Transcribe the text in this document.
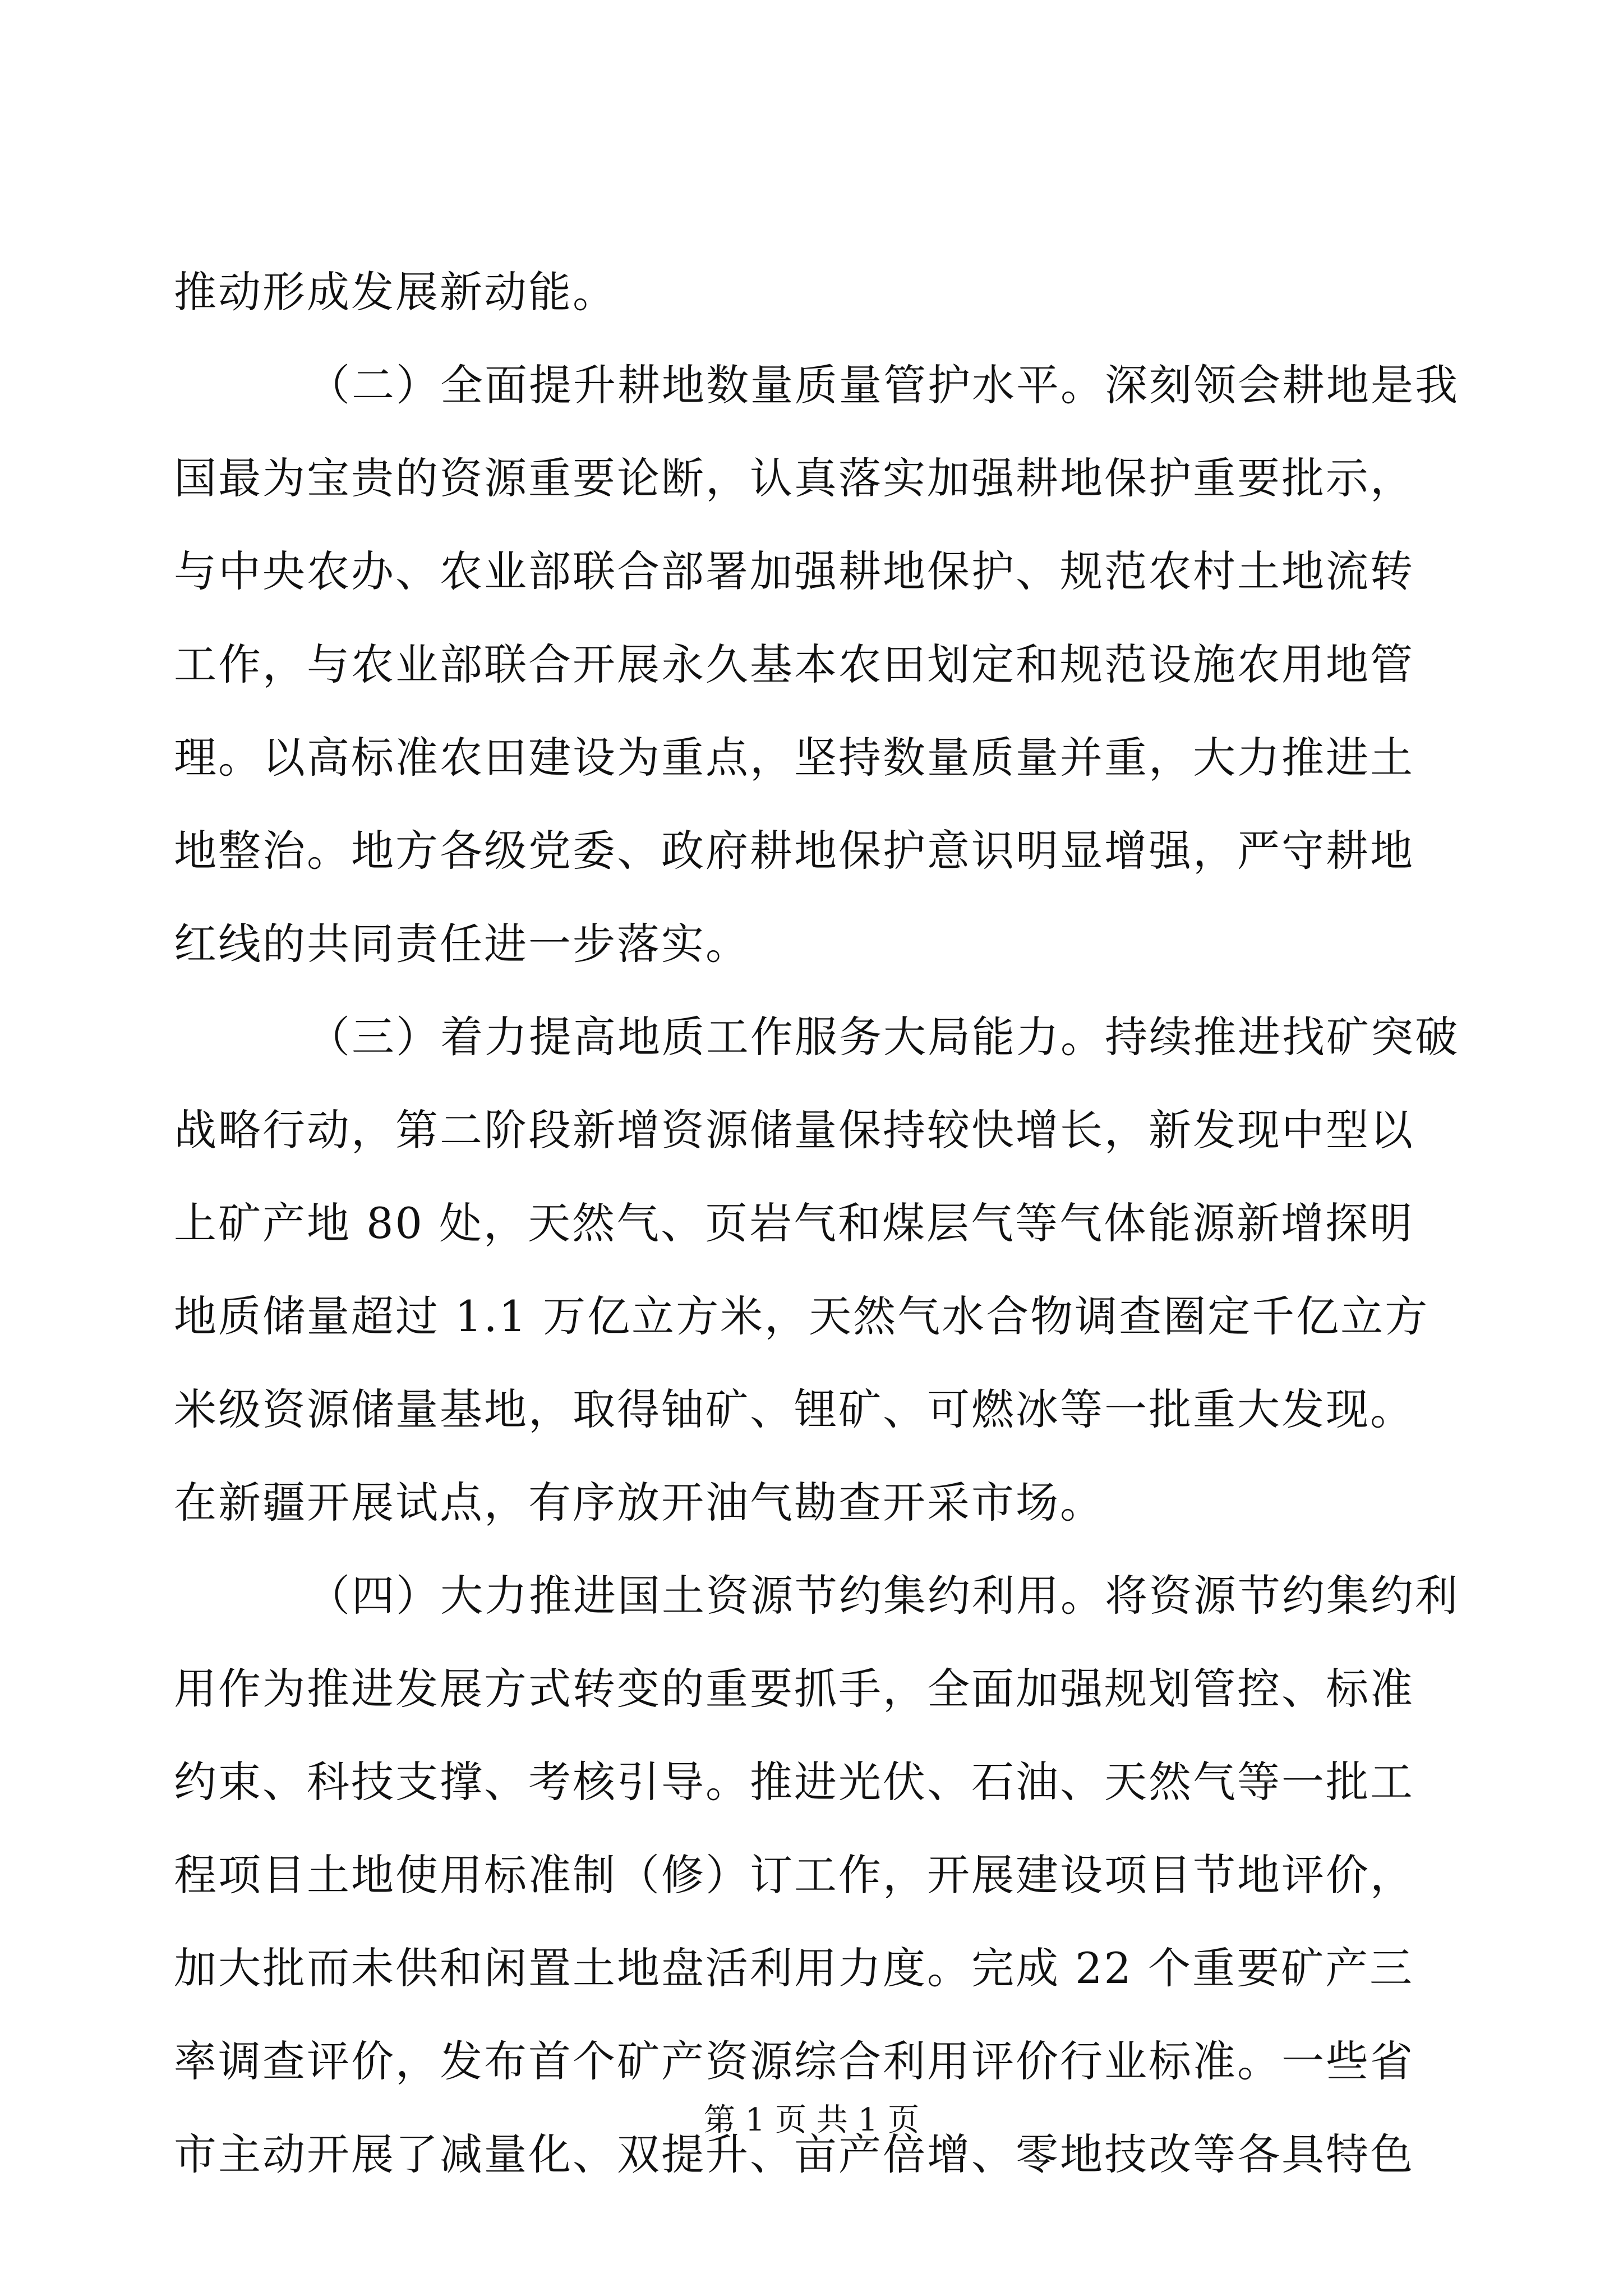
推动形成发展新动能。
（二）全面提升耕地数量质量管护水平。深刻领会耕地是我
国最为宝贵的资源重要论断，认真落实加强耕地保护重要批示，
与中央农办、农业部联合部署加强耕地保护、规范农村土地流转
工作，与农业部联合开展永久基本农田划定和规范设施农用地管
理。以高标准农田建设为重点，坚持数量质量并重，大力推进土
地整治。地方各级党委、政府耕地保护意识明显增强，严守耕地
红线的共同责任进一步落实。
（三）着力提高地质工作服务大局能力。持续推进找矿突破
战略行动，第二阶段新增资源储量保持较快增长，新发现中型以
上矿产地 80 处，天然气、页岩气和煤层气等气体能源新增探明
地质储量超过 1.1 万亿立方米，天然气水合物调查圈定千亿立方
米级资源储量基地，取得铀矿、锂矿、可燃冰等一批重大发现。
在新疆开展试点，有序放开油气勘查开采市场。
（四）大力推进国土资源节约集约利用。将资源节约集约利
用作为推进发展方式转变的重要抓手，全面加强规划管控、标准
约束、科技支撑、考核引导。推进光伏、石油、天然气等一批工
程项目土地使用标准制（修）订工作，开展建设项目节地评价，
加大批而未供和闲置土地盘活利用力度。完成 22 个重要矿产三
率调查评价，发布首个矿产资源综合利用评价行业标准。一些省
市主动开展了减量化、双提升、亩产倍增、零地技改等各具特色
第 1 页 共 1 页
